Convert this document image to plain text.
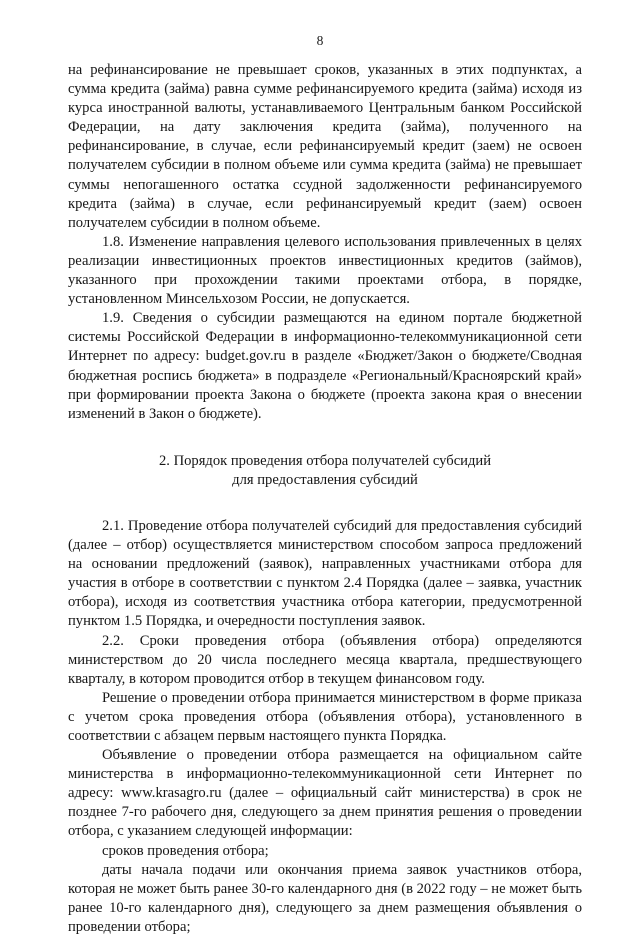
8

на рефинансирование не превышает сроков, указанных в этих подпунктах, а сумма кредита (займа) равна сумме рефинансируемого кредита (займа) исходя из курса иностранной валюты, устанавливаемого Центральным банком Российской Федерации, на дату заключения кредита (займа), полученного на рефинансирование, в случае, если рефинансируемый кредит (заем) не освоен получателем субсидии в полном объеме или сумма кредита (займа) не превышает суммы непогашенного остатка ссудной задолженности рефинансируемого кредита (займа) в случае, если рефинансируемый кредит (заем) освоен получателем субсидии в полном объеме.

1.8. Изменение направления целевого использования привлеченных в целях реализации инвестиционных проектов инвестиционных кредитов (займов), указанного при прохождении такими проектами отбора, в порядке, установленном Минсельхозом России, не допускается.

1.9. Сведения о субсидии размещаются на едином портале бюджетной системы Российской Федерации в информационно-телекоммуникационной сети Интернет по адресу: budget.gov.ru в разделе «Бюджет/Закон о бюджете/Сводная бюджетная роспись бюджета» в подразделе «Региональный/Красноярский край» при формировании проекта Закона о бюджете (проекта закона края о внесении изменений в Закон о бюджете).

2. Порядок проведения отбора получателей субсидий
для предоставления субсидий

2.1. Проведение отбора получателей субсидий для предоставления субсидий (далее – отбор) осуществляется министерством способом запроса предложений на основании предложений (заявок), направленных участниками отбора для участия в отборе в соответствии с пунктом 2.4 Порядка (далее – заявка, участник отбора), исходя из соответствия участника отбора категории, предусмотренной пунктом 1.5 Порядка, и очередности поступления заявок.

2.2. Сроки проведения отбора (объявления отбора) определяются министерством до 20 числа последнего месяца квартала, предшествующего кварталу, в котором проводится отбор в текущем финансовом году.

Решение о проведении отбора принимается министерством в форме приказа с учетом срока проведения отбора (объявления отбора), установленного в соответствии с абзацем первым настоящего пункта Порядка.

Объявление о проведении отбора размещается на официальном сайте министерства в информационно-телекоммуникационной сети Интернет по адресу: www.krasagro.ru (далее – официальный сайт министерства) в срок не позднее 7-го рабочего дня, следующего за днем принятия решения о проведении отбора, с указанием следующей информации:

сроков проведения отбора;

даты начала подачи или окончания приема заявок участников отбора, которая не может быть ранее 30-го календарного дня (в 2022 году – не может быть ранее 10-го календарного дня), следующего за днем размещения объявления о проведении отбора;
